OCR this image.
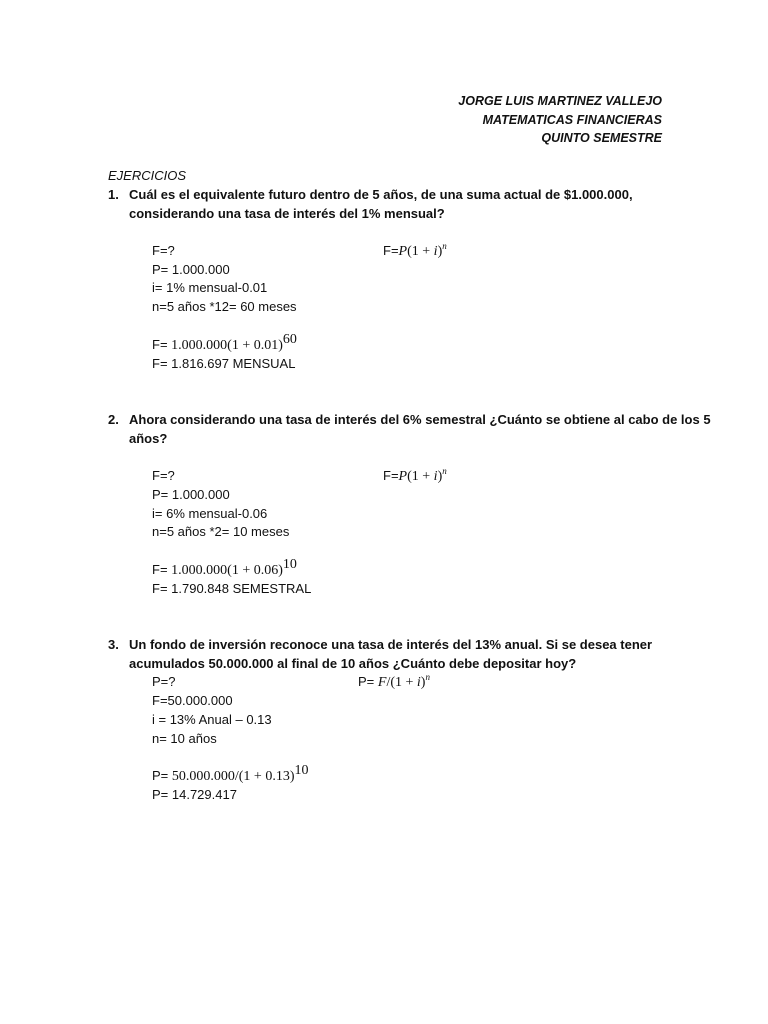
JORGE LUIS MARTINEZ VALLEJO
MATEMATICAS FINANCIERAS
QUINTO SEMESTRE
EJERCICIOS
1. Cuál es el equivalente futuro dentro de 5 años, de una suma actual de $1.000.000,
considerando una tasa de interés del 1% mensual?
F=?
P= 1.000.000
i= 1% mensual-0.01
n=5 años *12= 60 meses
$F=P(1 + i)^n$
$F= 1.000.000(1 + 0.01)^{60}$
F= 1.816.697 MENSUAL
2. Ahora considerando una tasa de interés del 6% semestral ¿Cuánto se obtiene al cabo de los 5
años?
F=?
P= 1.000.000
i= 6% mensual-0.06
n=5 años *2= 10 meses
$F=P(1 + i)^n$
$F= 1.000.000(1 + 0.06)^{10}$
F= 1.790.848 SEMESTRAL
3. Un fondo de inversión reconoce una tasa de interés del 13% anual. Si se desea tener
acumulados 50.000.000 al final de 10 años ¿Cuánto debe depositar hoy?
P=?
F=50.000.000
i = 13% Anual – 0.13
n= 10 años
$P= F/(1 + i)^n$
$P= 50.000.000/(1 + 0.13)^{10}$
P= 14.729.417
